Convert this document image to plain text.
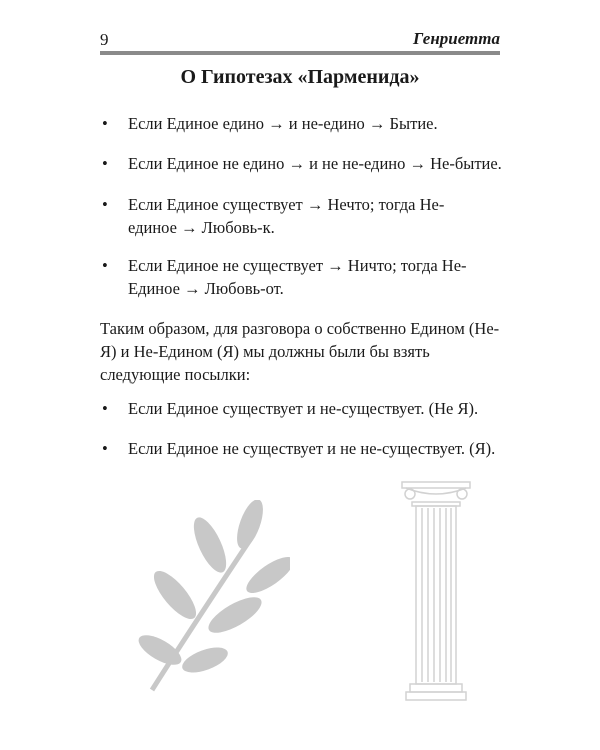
9	Генриетта
О Гипотезах «Парменида»
• Если Единое едино → и не-едино → Бытие.
• Если Единое не едино → и не не-едино → Не-бытие.
• Если Единое существует → Нечто; тогда Не-единое → Любовь-к.
• Если Единое не существует → Ничто; тогда Не-Единое → Любовь-от.
Таким образом, для разговора о собственно Едином (Не-Я) и Не-Едином (Я) мы должны были бы взять следующие посылки:
• Если Единое существует и не-существует. (Не Я).
• Если Единое не существует и не не-существует. (Я).
